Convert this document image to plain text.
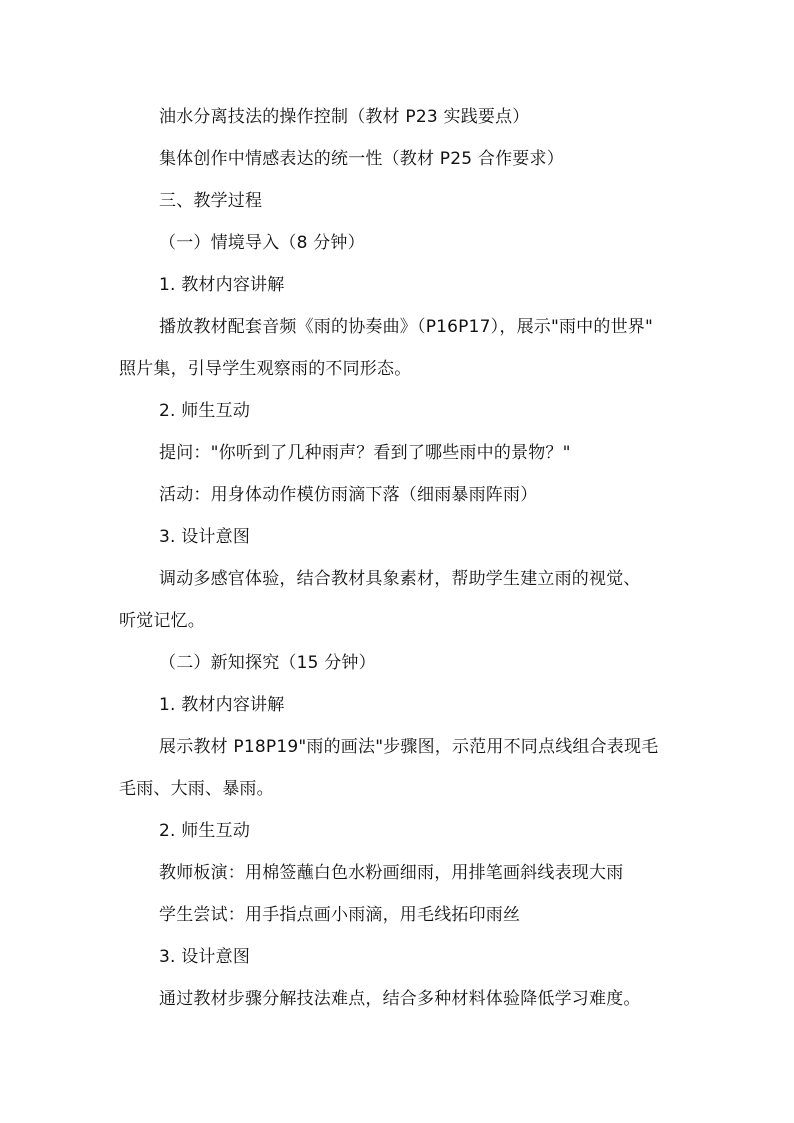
油水分离技法的操作控制（教材 P23 实践要点）
集体创作中情感表达的统一性（教材 P25 合作要求）
三、教学过程
（一）情境导入（8 分钟）
1. 教材内容讲解
播放教材配套音频《雨的协奏曲》（P16P17），展示"雨中的世界"
照片集，引导学生观察雨的不同形态。
2. 师生互动
提问："你听到了几种雨声？看到了哪些雨中的景物？"
活动：用身体动作模仿雨滴下落（细雨暴雨阵雨）
3. 设计意图
调动多感官体验，结合教材具象素材，帮助学生建立雨的视觉、
听觉记忆。
（二）新知探究（15 分钟）
1. 教材内容讲解
展示教材 P18P19"雨的画法"步骤图，示范用不同点线组合表现毛
毛雨、大雨、暴雨。
2. 师生互动
教师板演：用棉签蘸白色水粉画细雨，用排笔画斜线表现大雨
学生尝试：用手指点画小雨滴，用毛线拓印雨丝
3. 设计意图
通过教材步骤分解技法难点，结合多种材料体验降低学习难度。
